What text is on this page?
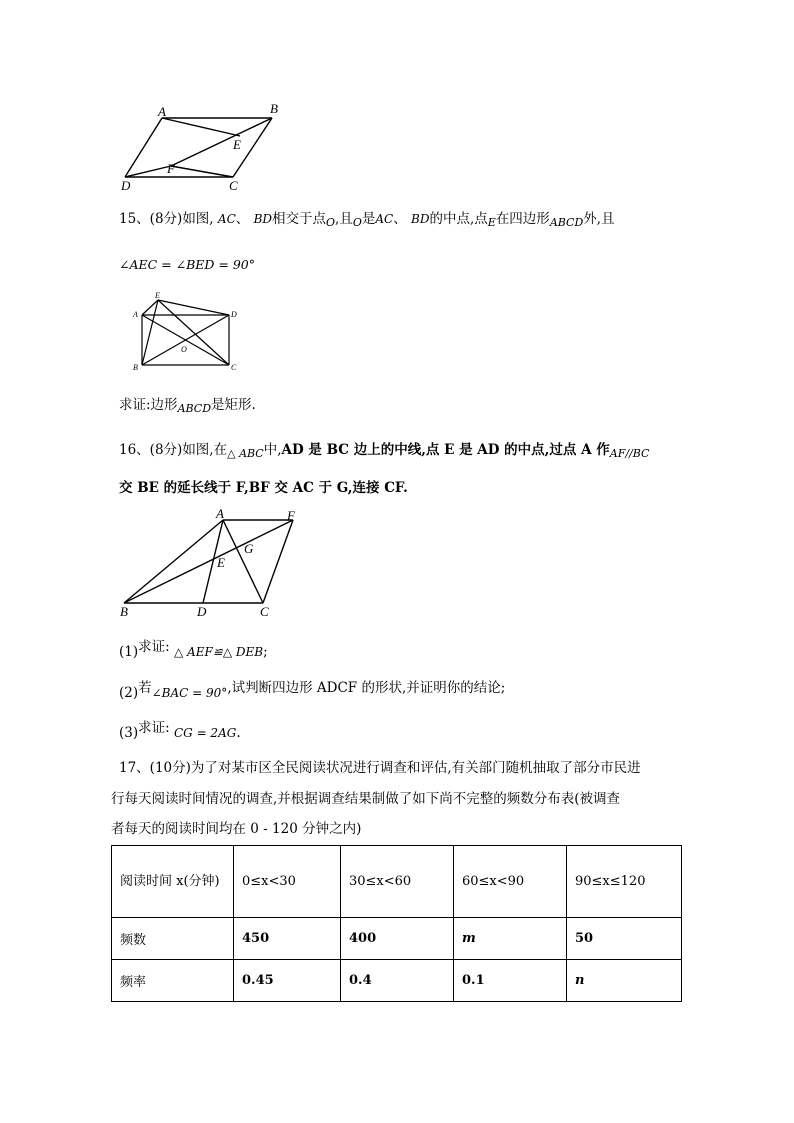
A	B
C
D
E
F
15、(8分)如图, AC、 BD相交于点$_O$,且$_O$是AC、 BD的中点,点$_E$在四边形$_{ABCD}$外,且
∠AEC = ∠BED = 90°
E
A	D
B	C
O
求证:边形$_{ABCD}$是矩形.
16、(8分)如图,在$_{\triangle ABC}$中,AD 是 BC 边上的中线,点 E 是 AD 的中点,过点 A 作$_{AF//BC}$
交 BE 的延长线于 F,BF 交 AC 于 G,连接 CF.
A	F
G
E
B	D	C
(1)求证: △ AEF≌△ DEB;
(2)若∠BAC = 90°,试判断四边形 ADCF 的形状,并证明你的结论;
(3)求证: CG = 2AG.
17、(10分)为了对某市区全民阅读状况进行调查和评估,有关部门随机抽取了部分市民进
行每天阅读时间情况的调查,并根据调查结果制做了如下尚不完整的频数分布表(被调查
者每天的阅读时间均在 0 - 120 分钟之内)
阅读时间 x(分钟)	0≤x<30	30≤x<60	60≤x<90	90≤x≤120
频数	450	400	m	50
频率	0.45	0.4	0.1	n
